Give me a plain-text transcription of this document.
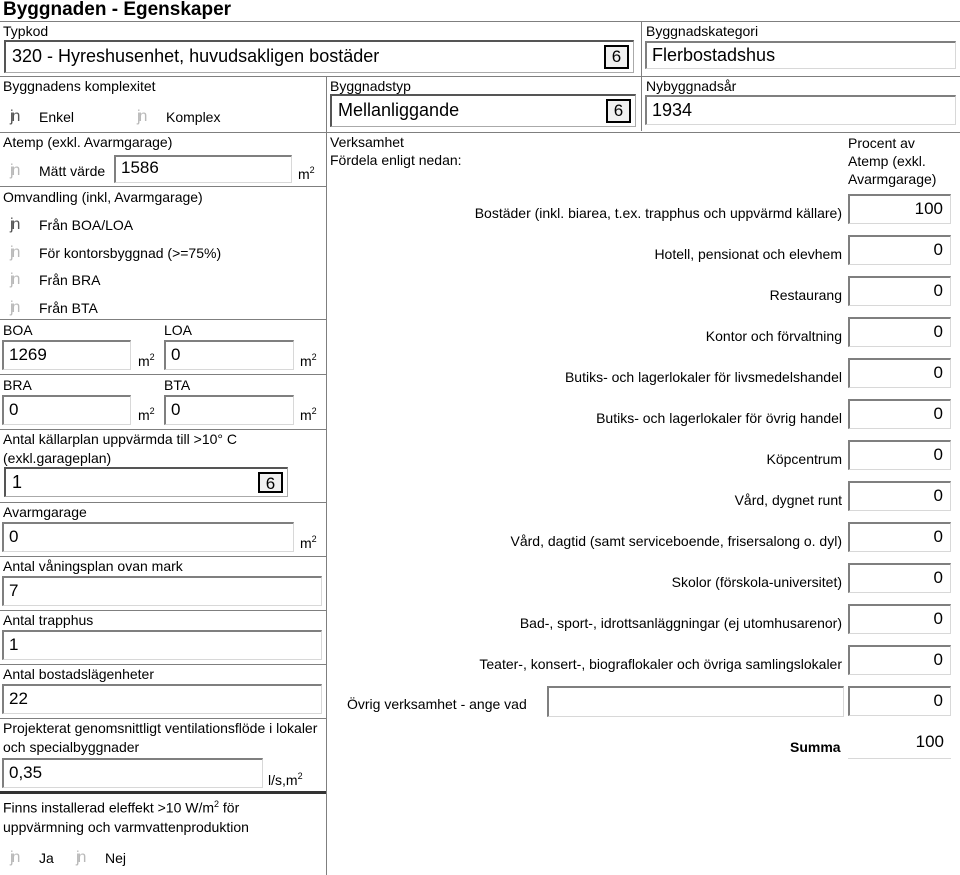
Byggnaden - Egenskaper
Typkod
320 - Hyreshusenhet, huvudsakligen bostäder	6
Byggnadskategori
Flerbostadshus
Byggnadens komplexitet
jn	Enkel	jn	Komplex
Byggnadstyp
Mellanliggande	6
Nybyggnadsår
1934
Atemp (exkl. Avarmgarage)
jn	Mätt värde 1586	$m^2$
Omvandling (inkl, Avarmgarage)
jn	Från BOA/LOA
jn	För kontorsbyggnad (>=75%)
jn	Från BRA
jn	Från BTA
BOA
1269	$m^2$
LOA
0	$m^2$
BRA
0	$m^2$
BTA
0	$m^2$
Antal källarplan uppvärmda till >10° C (exkl.garageplan)
1	6
Avarmgarage
0	$m^2$
Antal våningsplan ovan mark
7
Antal trapphus
1
Antal bostadslägenheter
22
Projekterat genomsnittligt ventilationsflöde i lokaler och specialbyggnader
0,35	$l/s,m^2$
Finns installerad eleffekt >10 $W/m^2$ för uppvärmning och varmvattenproduktion
jn	Ja jn	Nej
Verksamhet
Fördela enligt nedan:
Procent av Atemp (exkl. Avarmgarage)
Bostäder (inkl. biarea, t.ex. trapphus och uppvärmd källare)	100
Hotell, pensionat och elevhem	0
Restaurang	0
Kontor och förvaltning	0
Butiks- och lagerlokaler för livsmedelshandel	0
Butiks- och lagerlokaler för övrig handel	0
Köpcentrum	0
Vård, dygnet runt	0
Vård, dagtid (samt serviceboende, frisersalong o. dyl)	0
Skolor (förskola-universitet)	0
Bad-, sport-, idrottsanläggningar (ej utomhusarenor)	0
Teater-, konsert-, biograflokaler och övriga samlingslokaler	0
Övrig verksamhet - ange vad	0
Summa	100
